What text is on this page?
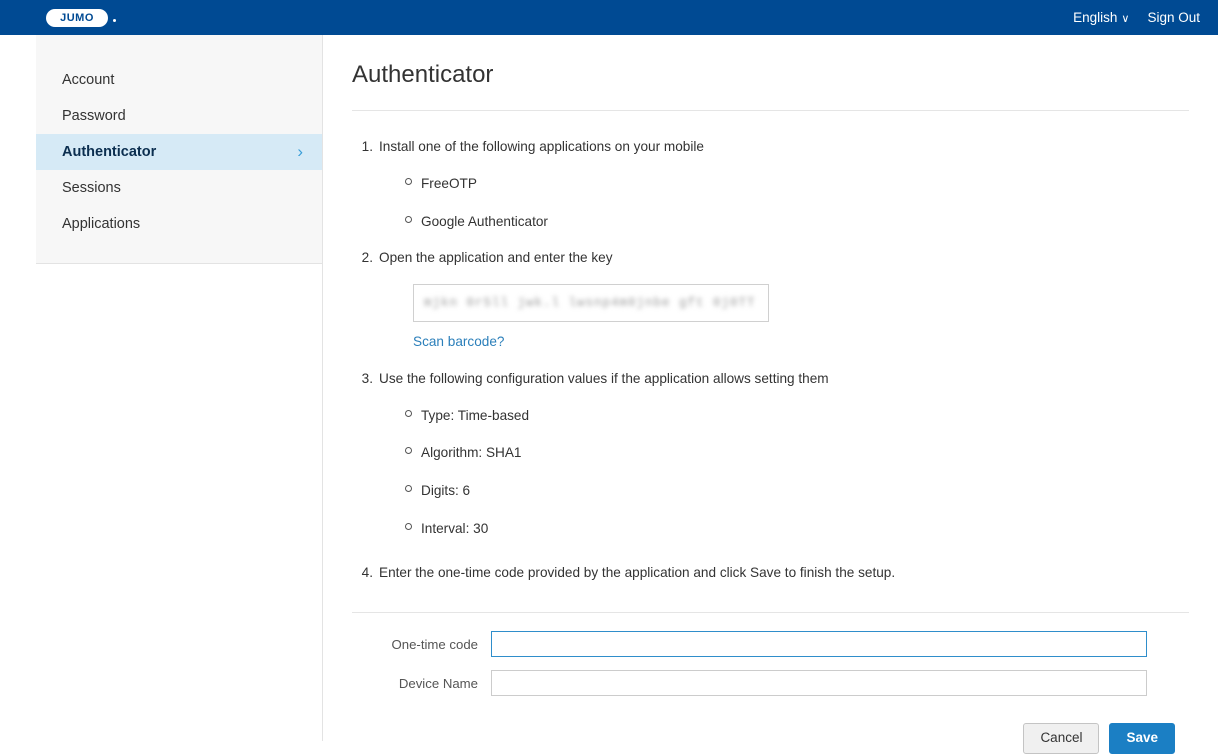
JUMO	English ∨ Sign Out
Account
Password
Authenticator	›
Sessions
Applications
Authenticator
1. Install one of the following applications on your mobile
FreeOTP
Google Authenticator
2. Open the application and enter the key
mjkn 0r5ll jwk.l lwsnp4m0jnbe gft 0j0TT
Scan barcode?
3. Use the following configuration values if the application allows setting them
Type: Time-based
Algorithm: SHA1
Digits: 6
Interval: 30
4. Enter the one-time code provided by the application and click Save to finish the setup.
One-time code
Device Name
Cancel	Save
